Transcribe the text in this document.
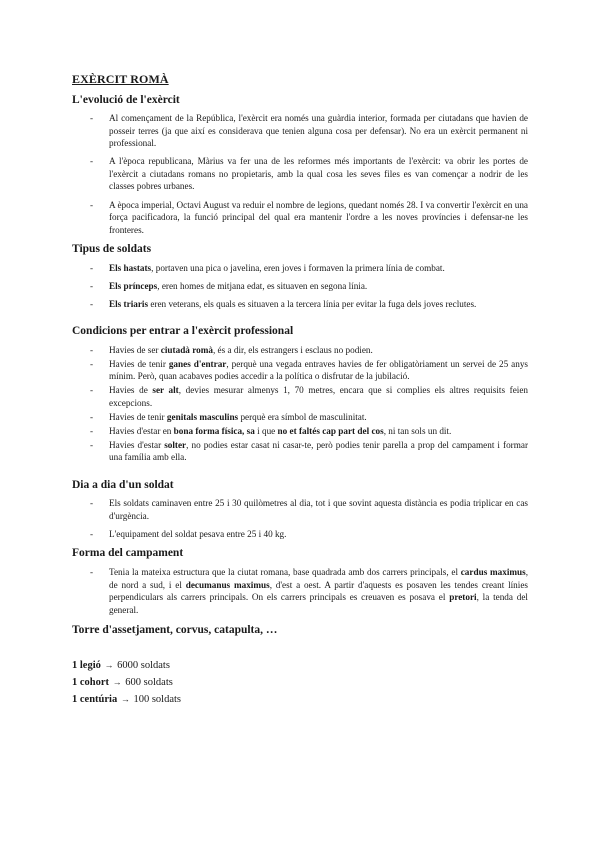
EXÈRCIT ROMÀ
L'evolució de l'exèrcit
- Al començament de la República, l'exèrcit era només una guàrdia interior, formada per ciutadans que havien de posseir terres (ja que així es considerava que tenien alguna cosa per defensar). No era un exèrcit permanent ni professional.
- A l'època republicana, Màrius va fer una de les reformes més importants de l'exèrcit: va obrir les portes de l'exèrcit a ciutadans romans no propietaris, amb la qual cosa les seves files es van començar a nodrir de les classes pobres urbanes.
- A època imperial, Octavi August va reduir el nombre de legions, quedant només 28. I va convertir l'exèrcit en una força pacificadora, la funció principal del qual era mantenir l'ordre a les noves províncies i defensar-ne les fronteres.
Tipus de soldats
- Els hastats, portaven una pica o javelina, eren joves i formaven la primera línia de combat.
- Els prínceps, eren homes de mitjana edat, es situaven en segona línia.
- Els triaris eren veterans, els quals es situaven a la tercera línia per evitar la fuga dels joves reclutes.
Condicions per entrar a l'exèrcit professional
- Havies de ser ciutadà romà, és a dir, els estrangers i esclaus no podien.
- Havies de tenir ganes d'entrar, perquè una vegada entraves havies de fer obligatòriament un servei de 25 anys mínim. Però, quan acabaves podies accedir a la política o disfrutar de la jubilació.
- Havies de ser alt, devies mesurar almenys 1, 70 metres, encara que si complies els altres requisits feien excepcions.
- Havies de tenir genitals masculins perquè era símbol de masculinitat.
- Havies d'estar en bona forma física, sa i que no et faltés cap part del cos, ni tan sols un dit.
- Havies d'estar solter, no podies estar casat ni casar-te, però podies tenir parella a prop del campament i formar una família amb ella.
Dia a dia d'un soldat
- Els soldats caminaven entre 25 i 30 quilòmetres al dia, tot i que sovint aquesta distància es podia triplicar en cas d'urgència.
- L'equipament del soldat pesava entre 25 i 40 kg.
Forma del campament
- Tenia la mateixa estructura que la ciutat romana, base quadrada amb dos carrers principals, el cardus maximus, de nord a sud, i el decumanus maximus, d'est a oest. A partir d'aquests es posaven les tendes creant línies perpendiculars als carrers principals. On els carrers principals es creuaven es posava el pretori, la tenda del general.
Torre d'assetjament, corvus, catapulta, …
1 legió → 6000 soldats
1 cohort → 600 soldats
1 centúria → 100 soldats
